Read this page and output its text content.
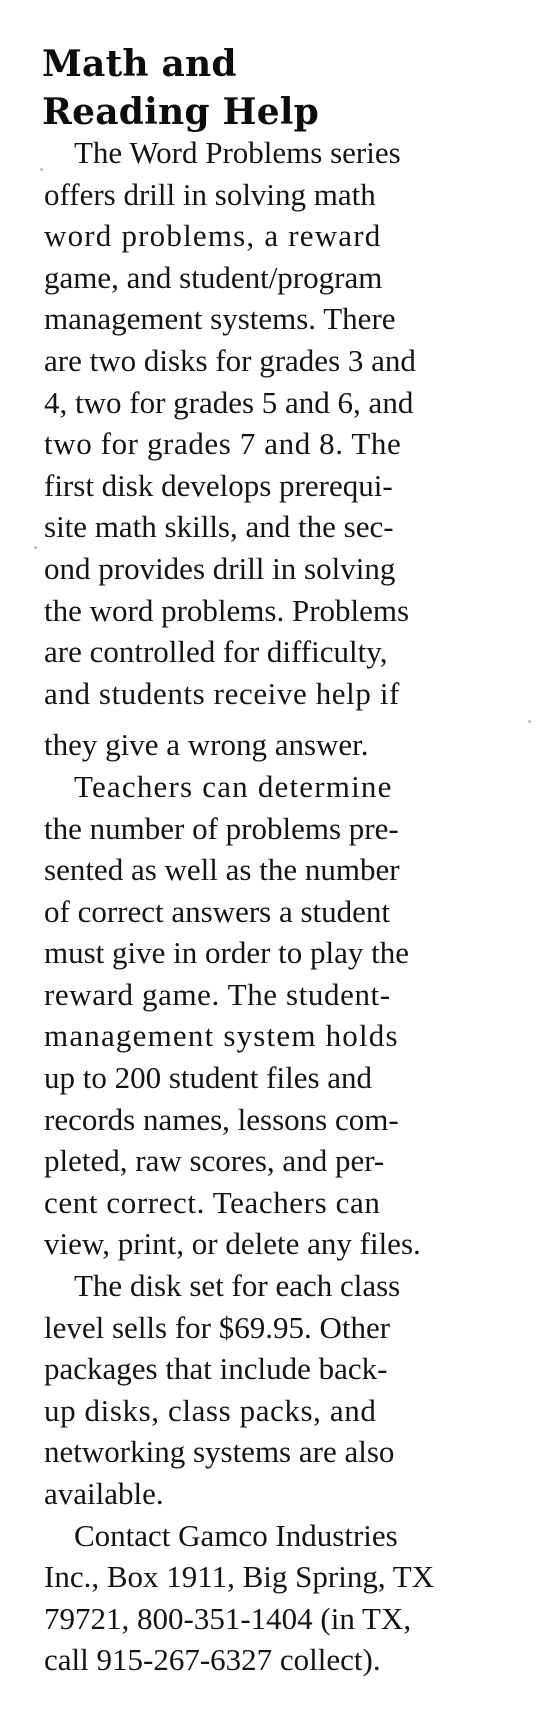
Math and
Reading Help
The Word Problems series
offers drill in solving math
word problems, a reward
game, and student/program
management systems. There
are two disks for grades 3 and
4, two for grades 5 and 6, and
two for grades 7 and 8. The
first disk develops prerequi-
site math skills, and the sec-
ond provides drill in solving
the word problems. Problems
are controlled for difficulty,
and students receive help if
they give a wrong answer.
Teachers can determine
the number of problems pre-
sented as well as the number
of correct answers a student
must give in order to play the
reward game. The student-
management system holds
up to 200 student files and
records names, lessons com-
pleted, raw scores, and per-
cent correct. Teachers can
view, print, or delete any files.
The disk set for each class
level sells for $69.95. Other
packages that include back-
up disks, class packs, and
networking systems are also
available.
Contact Gamco Industries
Inc., Box 1911, Big Spring, TX
79721, 800-351-1404 (in TX,
call 915-267-6327 collect).
